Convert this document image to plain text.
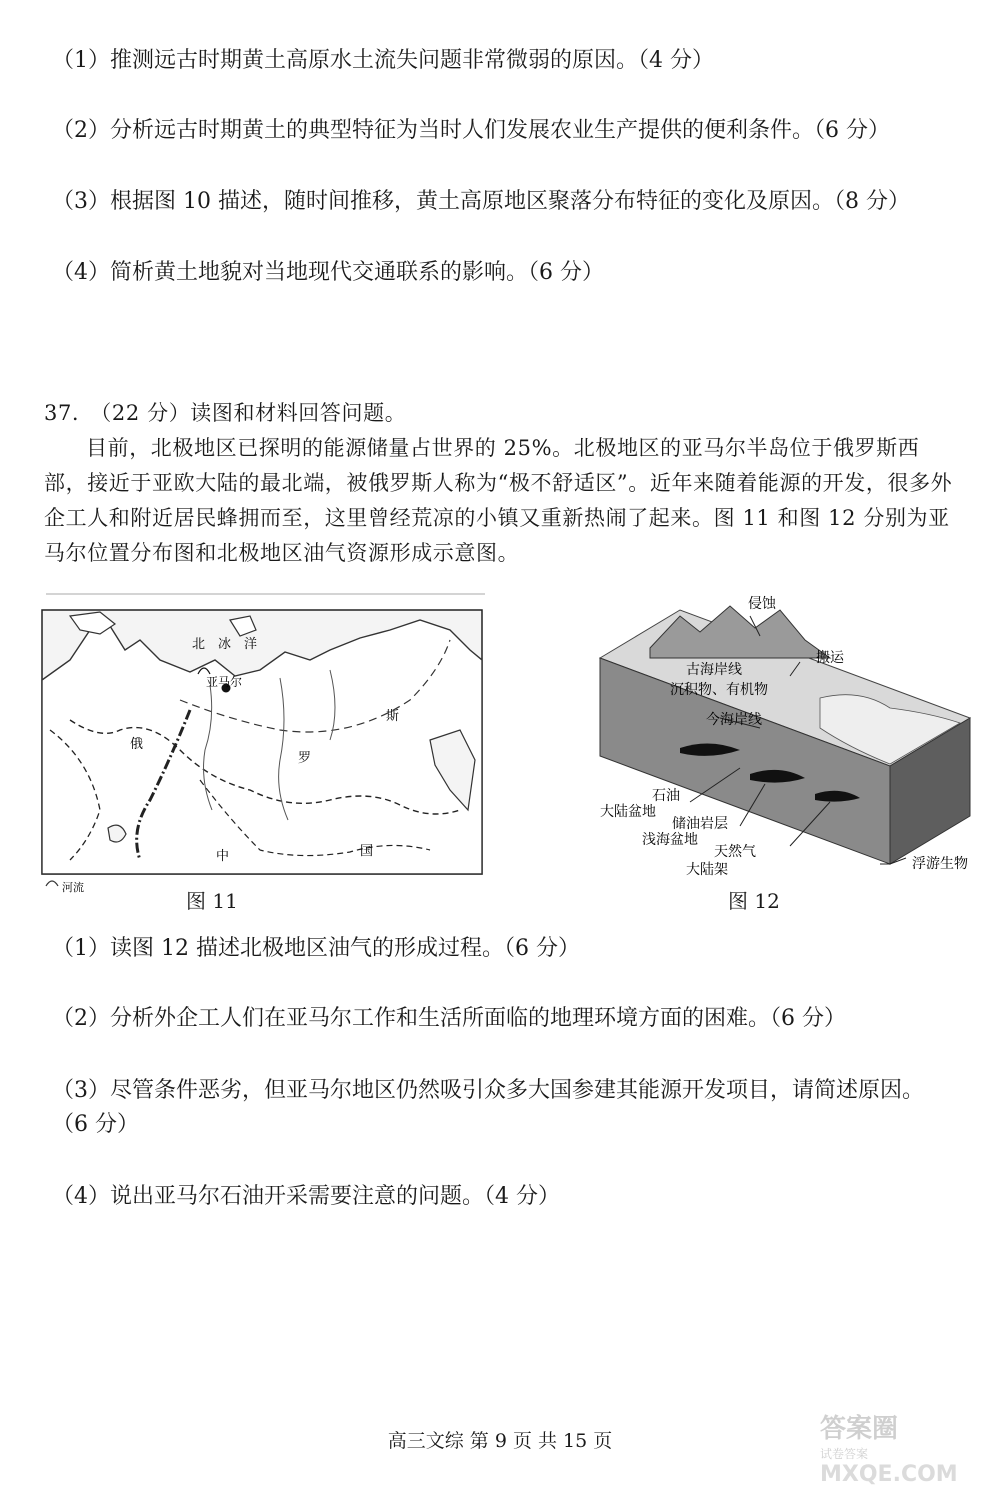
（1）推测远古时期黄土高原水土流失问题非常微弱的原因。（4 分）
（2）分析远古时期黄土的典型特征为当时人们发展农业生产提供的便利条件。（6 分）
（3）根据图 10 描述，随时间推移，黄土高原地区聚落分布特征的变化及原因。（8 分）
（4）简析黄土地貌对当地现代交通联系的影响。（6 分）

37.　（22 分）读图和材料回答问题。

目前，北极地区已探明的能源储量占世界的 25%。北极地区的亚马尔半岛位于俄罗斯西部，接近于亚欧大陆的最北端，被俄罗斯人称为“极不舒适区”。近年来随着能源的开发，很多外企工人和附近居民蜂拥而至，这里曾经荒凉的小镇又重新热闹了起来。图 11 和图 12 分别为亚马尔位置分布图和北极地区油气资源形成示意图。

北　冰　洋
亚马尔
俄
罗
斯
中	国
河流
图 11
侵蚀
搬运
古海岸线
沉积物、有机物
今海岸线
石油
大陆盆地
储油岩层
浅海盆地
天然气
大陆架	浮游生物
图 12
（1）读图 12 描述北极地区油气的形成过程。（6 分）
（2）分析外企工人们在亚马尔工作和生活所面临的地理环境方面的困难。（6 分）
（3）尽管条件恶劣，但亚马尔地区仍然吸引众多大国参建其能源开发项目，请简述原因。
（6 分）
（4）说出亚马尔石油开采需要注意的问题。（4 分）
高三文综 第 9 页 共 15 页	答案圈
试卷答案
MXQE.COM
